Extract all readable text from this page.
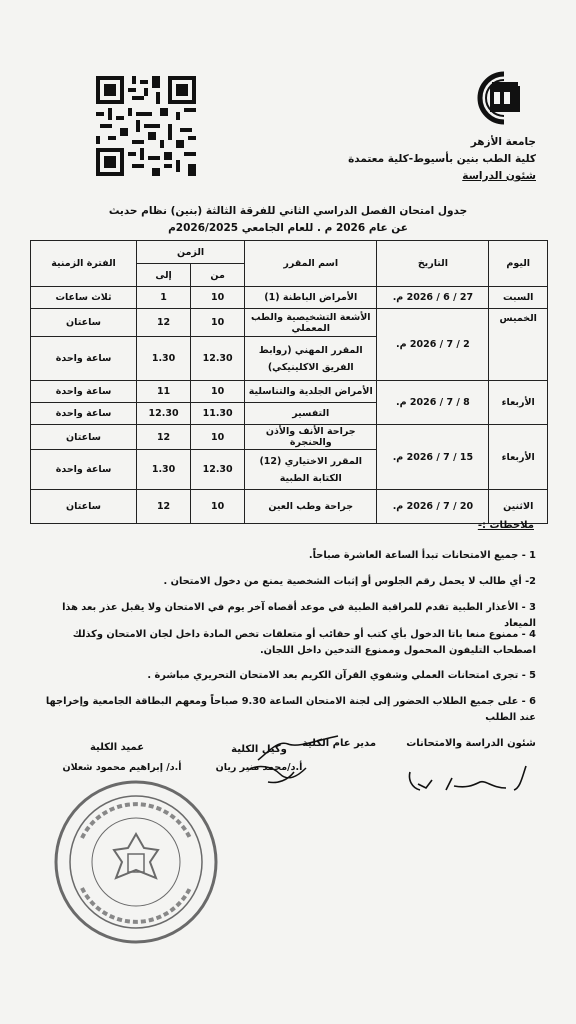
جامعة الأزهر
كلية الطب بنين بأسيوط-كلية معتمدة
شئون الدراسة
جدول امتحان الفصل الدراسي الثاني للفرقة الثالثة (بنين) نظام حديث
عن عام 2026 م . للعام الجامعي 2026/2025م
اليوم	التاريخ	اسم المقرر	الزمن		الفترة الزمنية
			من	إلى	
السبت	27 / 6 / 2026 م.	الأمراض الباطنة (1)	10	1	ثلاث ساعات
الخميس	2 / 7 / 2026 م.	الأشعة التشخيصية والطب المعملي	10	12	ساعتان
		المقرر المهني (روابط الفريق الاكلينيكي)	12.30	1.30	ساعة واحدة
الأربعاء	8 / 7 / 2026 م.	الأمراض الجلدية والتناسلية	10	11	ساعة واحدة
		التفسير	11.30	12.30	ساعة واحدة
الأربعاء	15 / 7 / 2026 م.	جراحة الأنف والأذن والحنجرة	10	12	ساعتان
		المقرر الاختياري (12) الكتابة الطبية	12.30	1.30	ساعة واحدة
الاثنين	20 / 7 / 2026 م.	جراحة وطب العين	10	12	ساعتان
ملاحظات :-
1 - جميع الامتحانات تبدأ الساعة العاشرة صباحاً.
2- أي طالب لا يحمل رقم الجلوس أو إثبات الشخصية يمنع من دخول الامتحان .
3 - الأعذار الطبية تقدم للمراقبة الطبية في موعد أقصاه آخر يوم في الامتحان ولا يقبل عذر بعد هذا الميعاد
4 - ممنوع منعا باتا الدخول بأي كتب أو حقائب أو متعلقات تخص المادة داخل لجان الامتحان وكذلك اصطحاب التليفون المحمول وممنوع التدخين داخل اللجان.
5 - تجرى امتحانات العملي وشفوي القرآن الكريم بعد الامتحان التحريري مباشرة .
6 - على جميع الطلاب الحضور إلى لجنة الامتحان الساعة 9.30 صباحاً ومعهم البطاقة الجامعية وإخراجها عند الطلب
شئون الدراسة والامتحانات
مدير عام الكلية
وكيل الكلية
أ.د/محمد منير ريان
عميد الكلية
أ.د/ إبراهيم محمود شعلان
